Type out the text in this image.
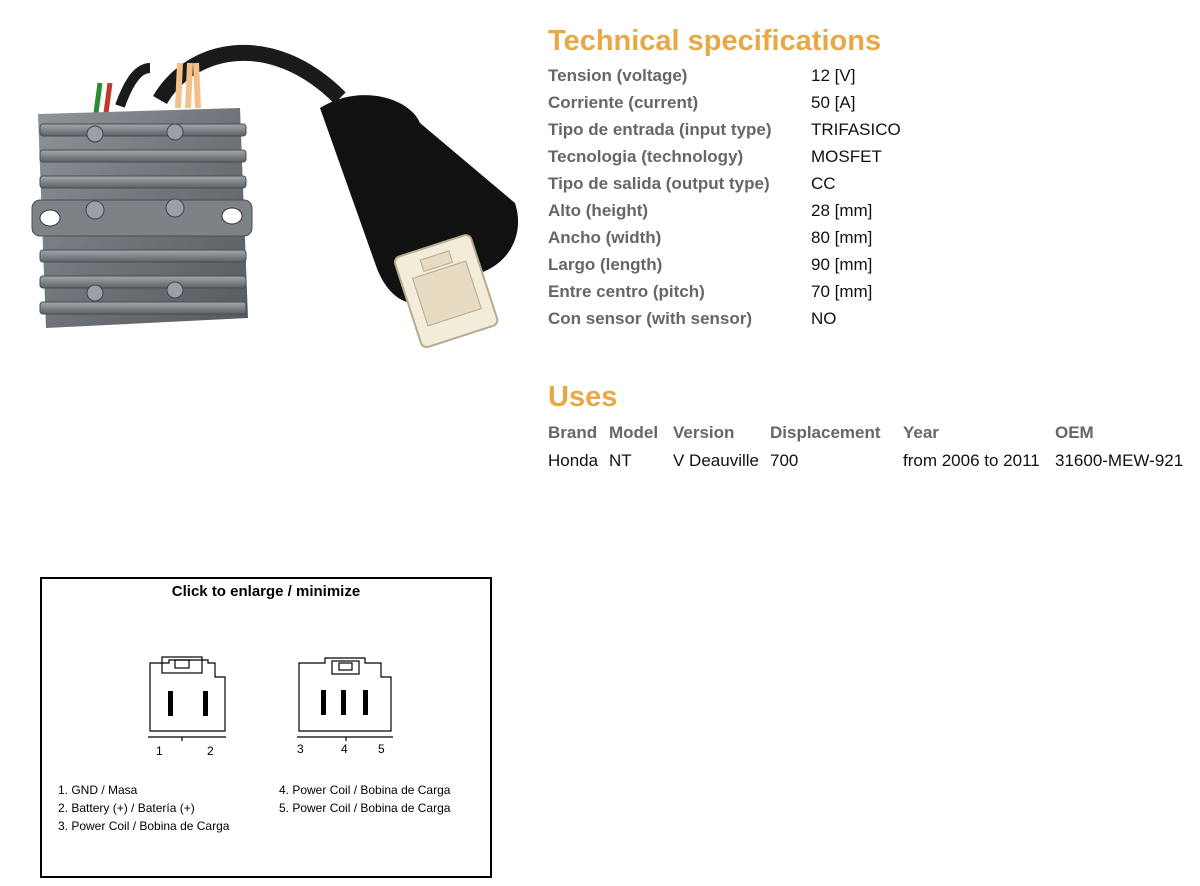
Technical specifications
Tension (voltage)	12 [V]
Corriente (current)	50 [A]
Tipo de entrada (input type)	TRIFASICO
Tecnologia (technology)	MOSFET
Tipo de salida (output type)	CC
Alto (height)	28 [mm]
Ancho (width)	80 [mm]
Largo (length)	90 [mm]
Entre centro (pitch)	70 [mm]
Con sensor (with sensor)	NO
Uses
Brand	Model	Version	Displacement	Year	OEM
Honda	NT	V Deauville	700	from 2006 to 2011	31600-MEW-921
Click to enlarge / minimize
1	2	3	4	5
1. GND / Masa
2. Battery (+) / Batería (+)
3. Power Coil / Bobina de Carga
4. Power Coil / Bobina de Carga
5. Power Coil / Bobina de Carga
